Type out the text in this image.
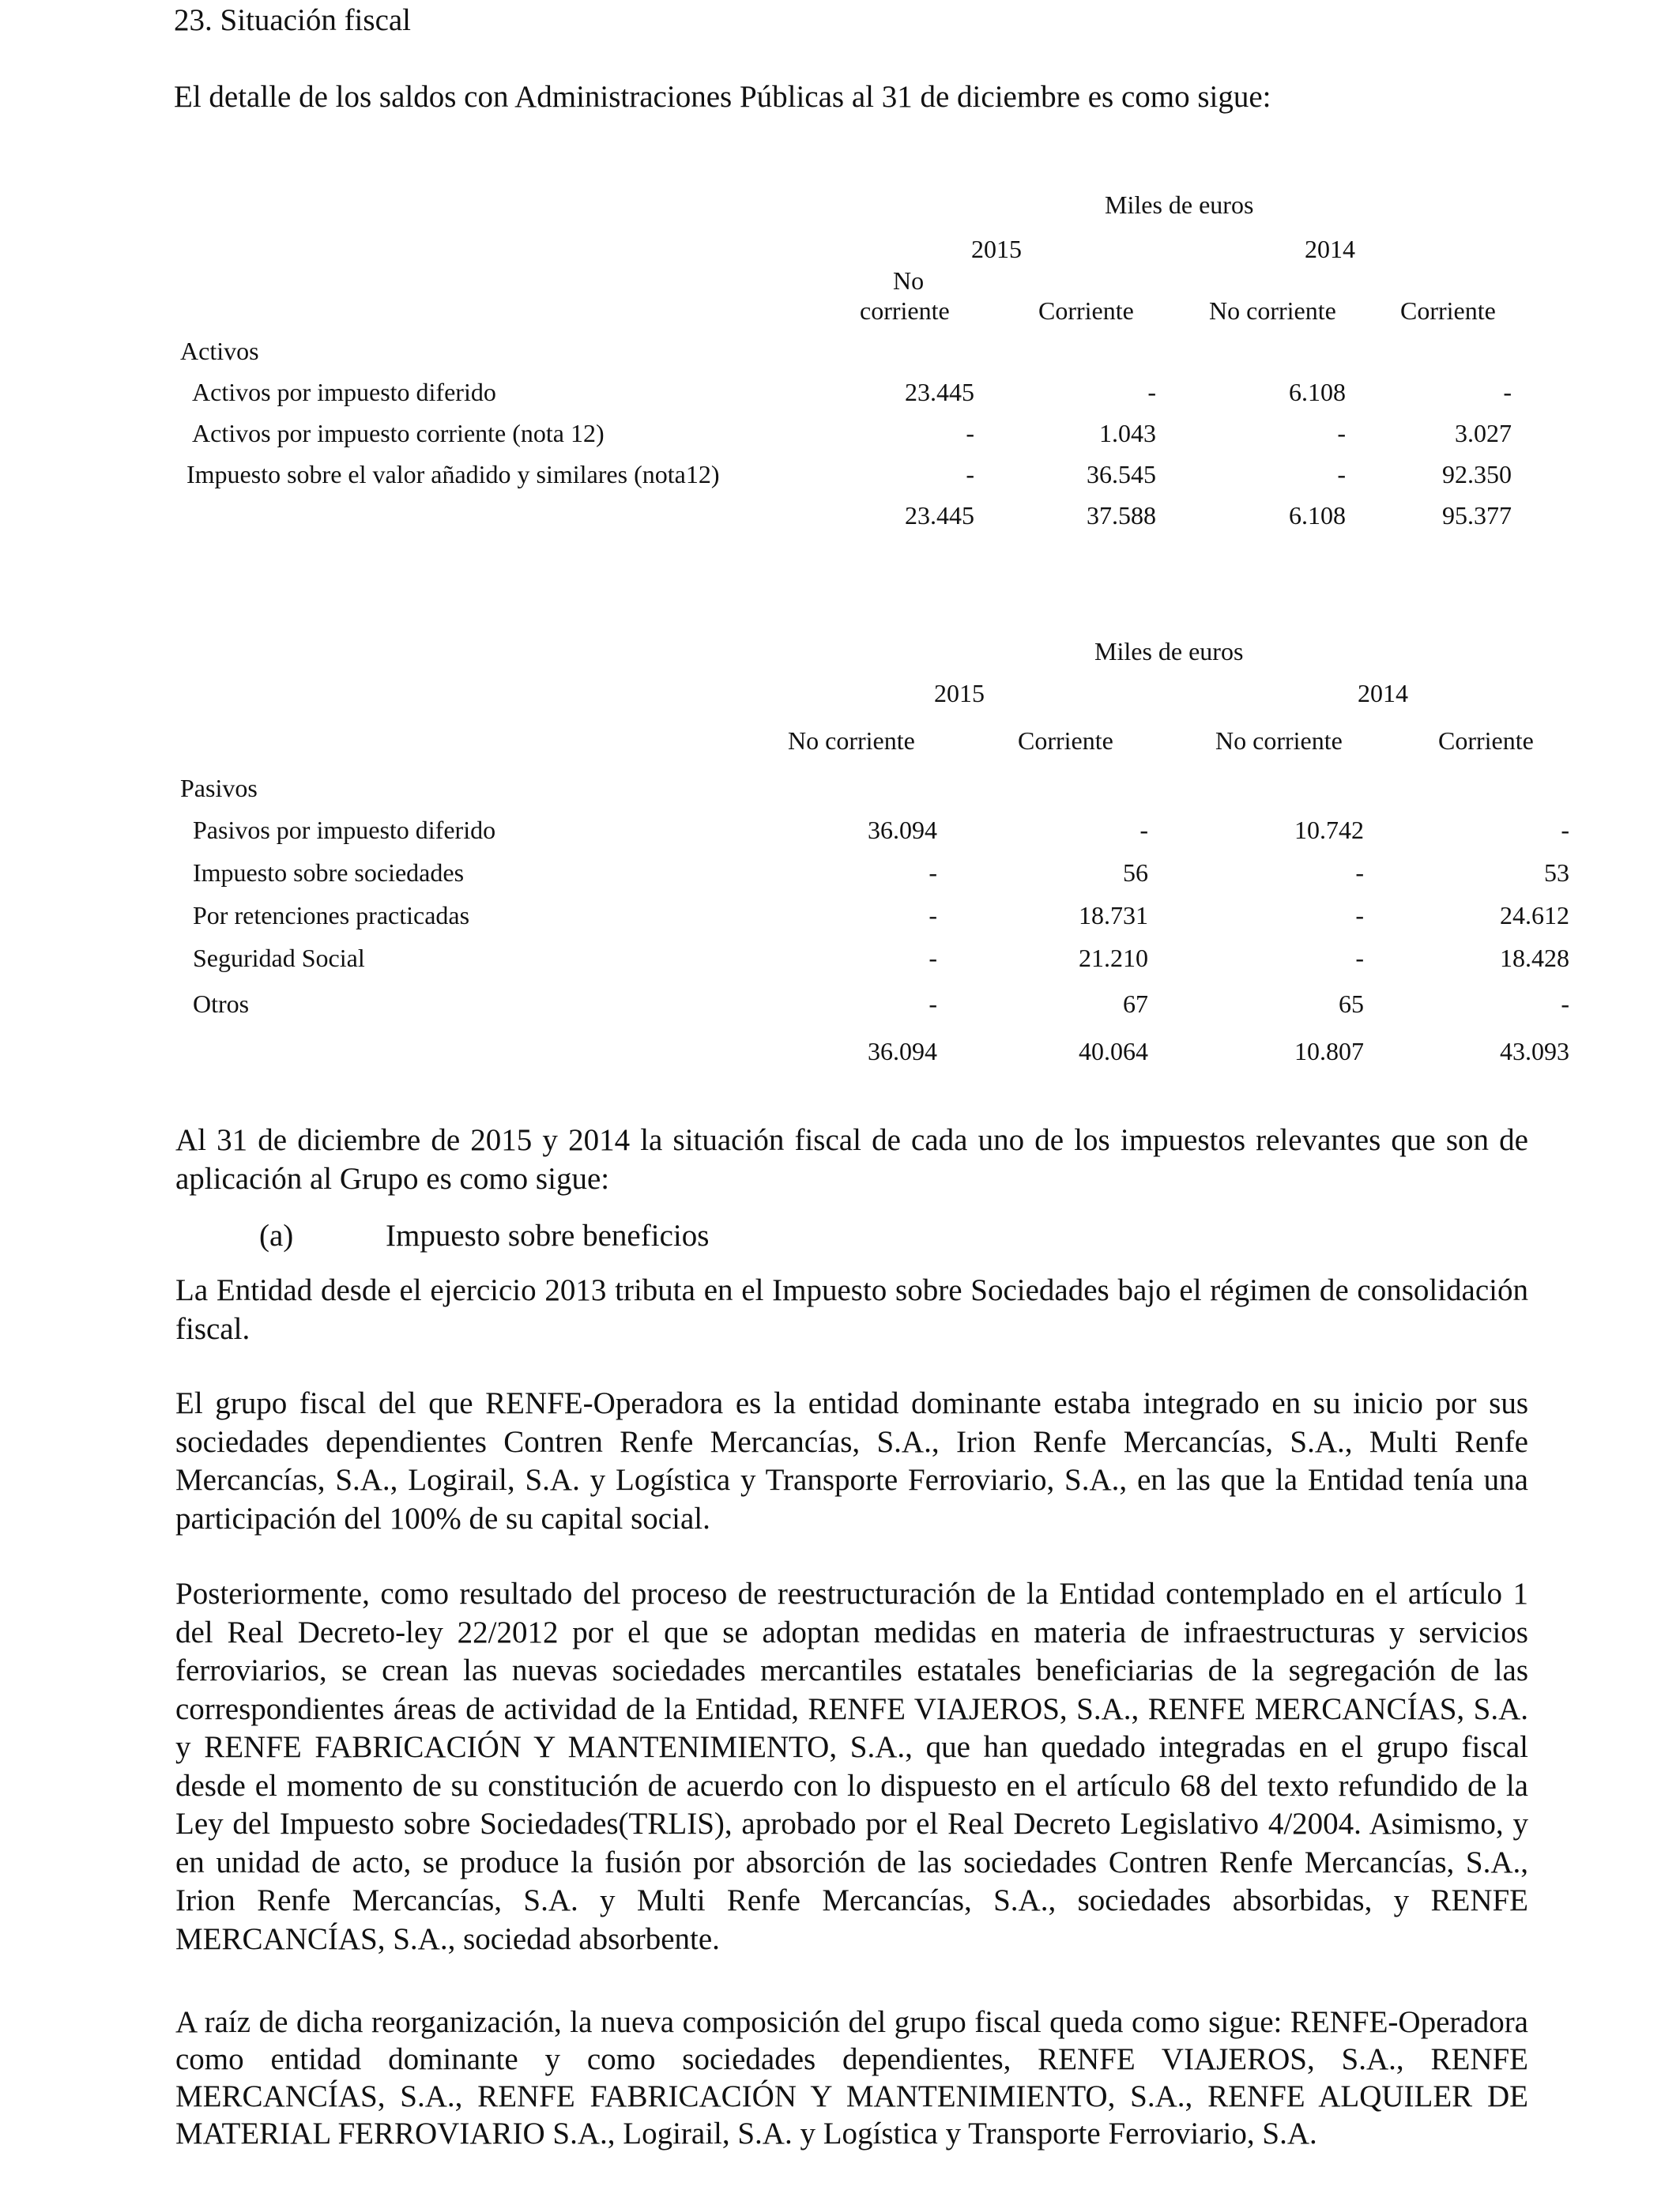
23. Situación fiscal
El detalle de los saldos con Administraciones Públicas al 31 de diciembre es como sigue:
Miles de euros
2015	2014
No
corriente	Corriente	No corriente	Corriente
Activos
Activos por impuesto diferido	23.445	-	6.108	-
Activos por impuesto corriente (nota 12)	-	1.043	-	3.027
Impuesto sobre el valor añadido y similares (nota12)	-	36.545	-	92.350
23.445	37.588	6.108	95.377
Miles de euros
2015	2014
No corriente	Corriente	No corriente	Corriente
Pasivos
Pasivos por impuesto diferido	36.094	-	10.742	-
Impuesto sobre sociedades	-	56	-	53
Por retenciones practicadas	-	18.731	-	24.612
Seguridad Social	-	21.210	-	18.428
Otros	-	67	65	-
36.094	40.064	10.807	43.093

Al 31 de diciembre de 2015 y 2014 la situación fiscal de cada uno de los impuestos relevantes que son de aplicación al Grupo es como sigue:

(a)	Impuesto sobre beneficios

La Entidad desde el ejercicio 2013 tributa en el Impuesto sobre Sociedades bajo el régimen de consolidación fiscal.

El grupo fiscal del que RENFE-Operadora es la entidad dominante estaba integrado en su inicio por sus sociedades dependientes Contren Renfe Mercancías, S.A., Irion Renfe Mercancías, S.A., Multi Renfe Mercancías, S.A., Logirail, S.A. y Logística y Transporte Ferroviario, S.A., en las que la Entidad tenía una participación del 100% de su capital social.

Posteriormente, como resultado del proceso de reestructuración de la Entidad contemplado en el artículo 1 del Real Decreto-ley 22/2012 por el que se adoptan medidas en materia de infraestructuras y servicios ferroviarios, se crean las nuevas sociedades mercantiles estatales beneficiarias de la segregación de las correspondientes áreas de actividad de la Entidad, RENFE VIAJEROS, S.A., RENFE MERCANCÍAS, S.A. y RENFE FABRICACIÓN Y MANTENIMIENTO, S.A., que han quedado integradas en el grupo fiscal desde el momento de su constitución de acuerdo con lo dispuesto en el artículo 68 del texto refundido de la Ley del Impuesto sobre Sociedades(TRLIS), aprobado por el Real Decreto Legislativo 4/2004. Asimismo, y en unidad de acto, se produce la fusión por absorción de las sociedades Contren Renfe Mercancías, S.A., Irion Renfe Mercancías, S.A. y Multi Renfe Mercancías, S.A., sociedades absorbidas, y RENFE MERCANCÍAS, S.A., sociedad absorbente.

A raíz de dicha reorganización, la nueva composición del grupo fiscal queda como sigue: RENFE-Operadora como entidad dominante y como sociedades dependientes, RENFE VIAJEROS, S.A., RENFE MERCANCÍAS, S.A., RENFE FABRICACIÓN Y MANTENIMIENTO, S.A., RENFE ALQUILER DE MATERIAL FERROVIARIO S.A., Logirail, S.A. y Logística y Transporte Ferroviario, S.A.
